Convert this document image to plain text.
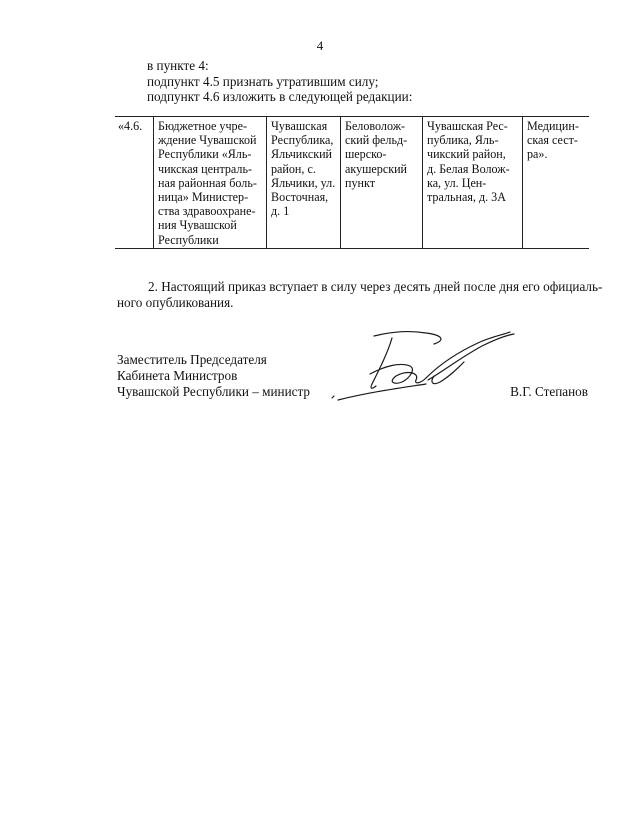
4
в пункте 4:
подпункт 4.5 признать утратившим силу;
подпункт 4.6 изложить в следующей редакции:
«4.6.	Бюджетное учре-
ждение Чувашской
Республики «Яль-
чикская централь-
ная районная боль-
ница» Министер-
ства здравоохране-
ния Чувашской
Республики
Чувашская
Республика,
Яльчикский
район, с.
Яльчики, ул.
Восточная,
д. 1
Беловолож-
ский фельд-
шерско-
акушерский
пункт
Чувашская Рес-
публика, Яль-
чикский район,
д. Белая Волож-
ка, ул. Цен-
тральная, д. 3А
Медицин-
ская сест-
ра».
2. Настоящий приказ вступает в силу через десять дней после дня его официаль-
ного опубликования.
Заместитель Председателя
Кабинета Министров
Чувашской Республики – министр	В.Г. Степанов
